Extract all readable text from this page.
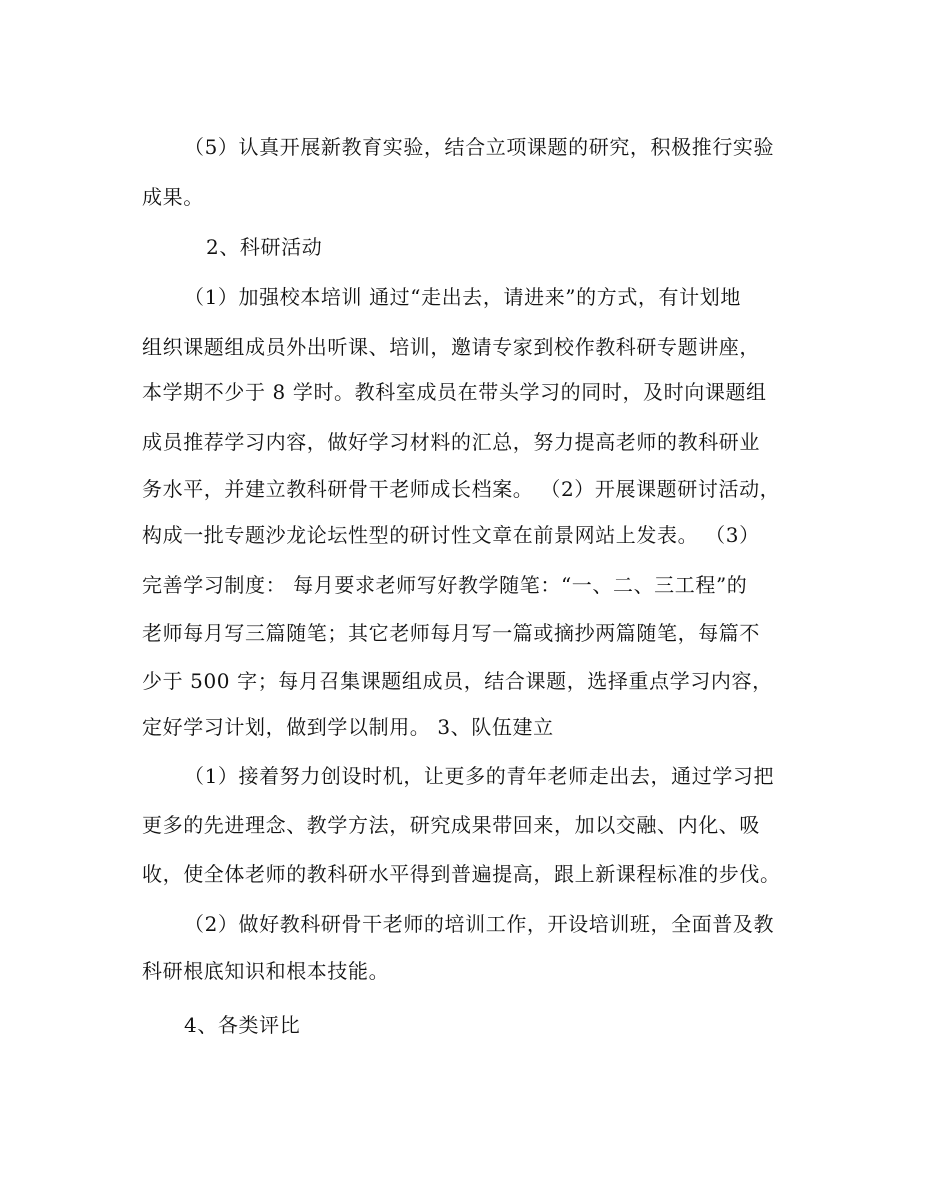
（5）认真开展新教育实验，结合立项课题的研究，积极推行实验
成果。
2、科研活动
（1）加强校本培训 通过“走出去，请进来”的方式，有计划地
组织课题组成员外出听课、培训，邀请专家到校作教科研专题讲座，
本学期不少于 8 学时。教科室成员在带头学习的同时，及时向课题组
成员推荐学习内容，做好学习材料的汇总，努力提高老师的教科研业
务水平，并建立教科研骨干老师成长档案。 （2）开展课题研讨活动，
构成一批专题沙龙论坛性型的研讨性文章在前景网站上发表。 （3）
完善学习制度： 每月要求老师写好教学随笔：“一、二、三工程”的
老师每月写三篇随笔；其它老师每月写一篇或摘抄两篇随笔，每篇不
少于 500 字；每月召集课题组成员，结合课题，选择重点学习内容，
定好学习计划，做到学以制用。 3、队伍建立
（1）接着努力创设时机，让更多的青年老师走出去，通过学习把
更多的先进理念、教学方法，研究成果带回来，加以交融、内化、吸
收，使全体老师的教科研水平得到普遍提高，跟上新课程标准的步伐。
（2）做好教科研骨干老师的培训工作，开设培训班，全面普及教
科研根底知识和根本技能。
4、各类评比
